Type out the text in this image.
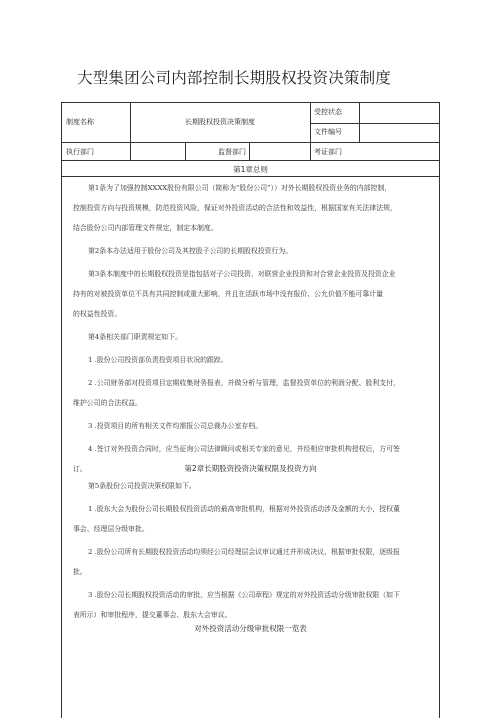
大型集团公司内部控制长期股权投资决策制度
制度名称	长期股权投资决策制度
受控状态
文件编号
执行部门	监督部门	考证部门
第1章总则
第1条为了加强控制XXXX股份有限公司（简称为“股份公司”））对外长期股权投资业务的内部控制，
控制投资方向与投资规模，防范投资风险，保证对外投资活动的合法性和效益性，根据国家有关法律法规，
结合股份公司内部管理文件规定，制定本制度。
第2条本办法适用于股份公司及其控股子公司的长期股权投资行为。
第3条本制度中的长期股权投资是指包括对子公司投资、对联营企业投资和对合营企业投资及投资企业
持有的对被投资单位不具有共同控制或重大影响，并且在活跃市场中没有报价、公允价值不能可靠计量
的权益性投资。
第4条相关部门职责规定如下。
1 .股份公司投资部负责投资项目状况的跟踪。
2 .公司财务部对投资项目定期收集财务报表，并做分析与管理，监督投资单位的利润分配、股利支付，
维护公司的合法权益。
3 .投资项目的所有相关文件均需报公司总裁办公室存档。
4 .签订对外投资合同时，应当征询公司法律顾问或相关专家的意见，并经相应审批机构授权后，方可签
订。	第2章长期股资投资决策权限及投资方向
第5条股份公司投资决策权限如下。
1 .股东大会为股份公司长期股权投资活动的最高审批机构，根据对外投资活动涉及金额的大小，授权董
事会、经理层分级审批。
2 .股份公司所有长期股权投资活动均须经公司经理层会议审议通过并形成决议，根据审批权限，逐级报
批。
3 .股份公司长期股权投资活动的审批，应当根据《公司章程》规定的对外投资活动分级审批权限（如下
表所示）和审批程序，提交董事会、股东大会审议。
对外投资活动分级审批权限一览表
